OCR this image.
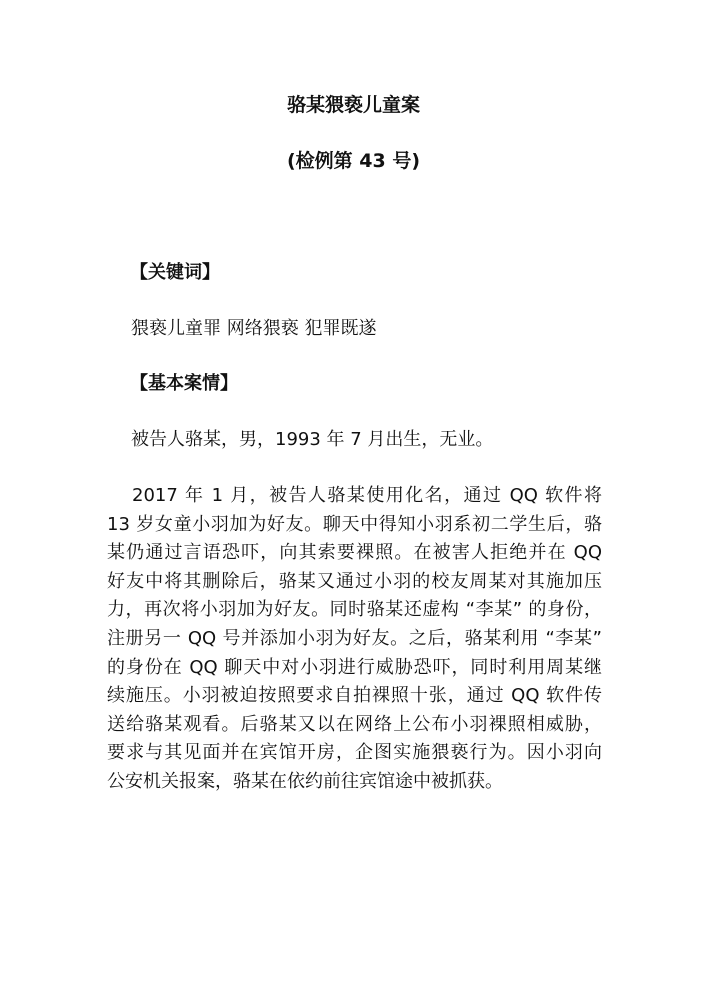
骆某猥亵儿童案
(检例第 43 号)
【关键词】
猥亵儿童罪 网络猥亵 犯罪既遂
【基本案情】
被告人骆某，男，1993 年 7 月出生，无业。
2017 年 1 月，被告人骆某使用化名，通过 QQ 软件将
13 岁女童小羽加为好友。聊天中得知小羽系初二学生后，骆
某仍通过言语恐吓，向其索要裸照。在被害人拒绝并在 QQ
好友中将其删除后，骆某又通过小羽的校友周某对其施加压
力，再次将小羽加为好友。同时骆某还虚构 “李某” 的身份，
注册另一 QQ 号并添加小羽为好友。之后，骆某利用 “李某”
的身份在 QQ 聊天中对小羽进行威胁恐吓，同时利用周某继
续施压。小羽被迫按照要求自拍裸照十张，通过 QQ 软件传
送给骆某观看。后骆某又以在网络上公布小羽裸照相威胁，
要求与其见面并在宾馆开房，企图实施猥亵行为。因小羽向
公安机关报案，骆某在依约前往宾馆途中被抓获。
